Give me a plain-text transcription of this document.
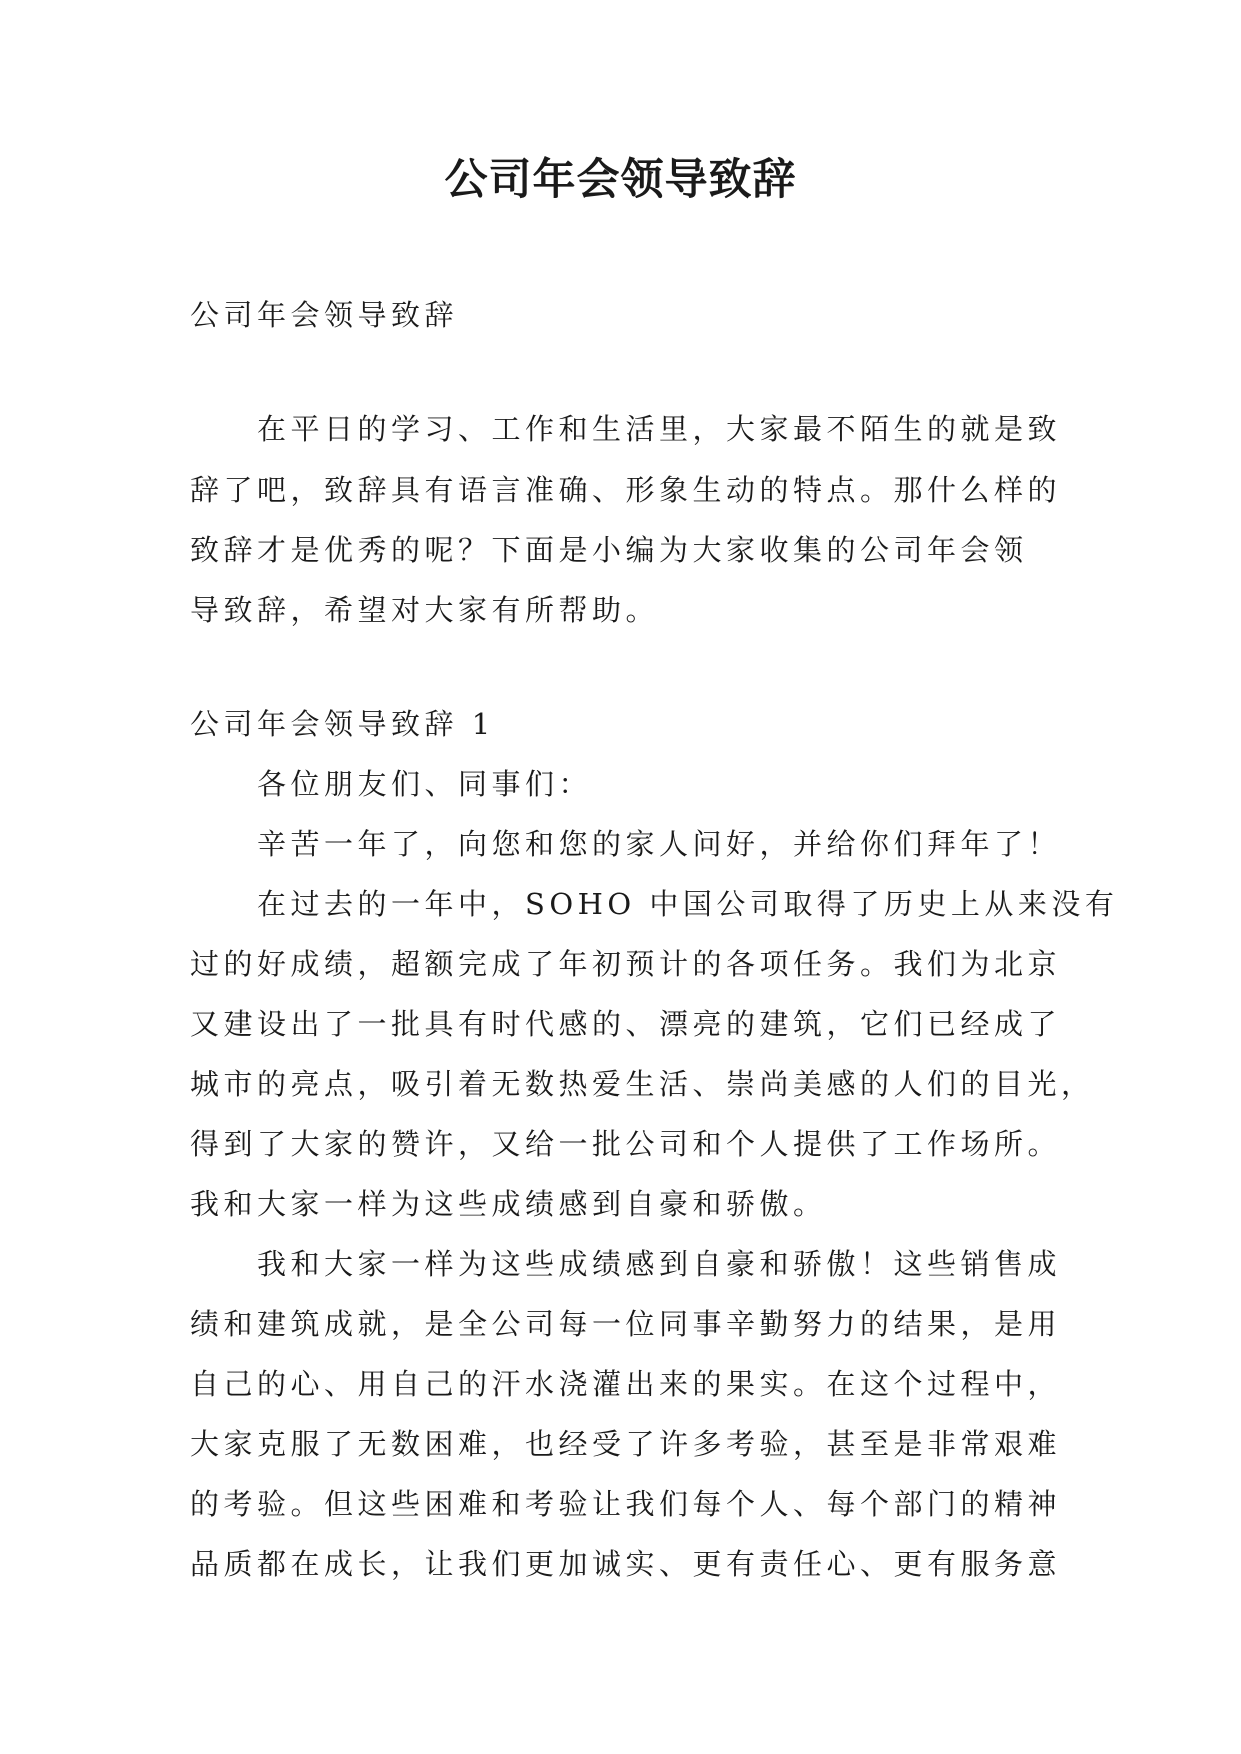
公司年会领导致辞
公司年会领导致辞
在平日的学习、工作和生活里，大家最不陌生的就是致
辞了吧，致辞具有语言准确、形象生动的特点。那什么样的
致辞才是优秀的呢？下面是小编为大家收集的公司年会领
导致辞，希望对大家有所帮助。
公司年会领导致辞 1
各位朋友们、同事们：
辛苦一年了，向您和您的家人问好，并给你们拜年了！
在过去的一年中，SOHO 中国公司取得了历史上从来没有
过的好成绩，超额完成了年初预计的各项任务。我们为北京
又建设出了一批具有时代感的、漂亮的建筑，它们已经成了
城市的亮点，吸引着无数热爱生活、崇尚美感的人们的目光，
得到了大家的赞许，又给一批公司和个人提供了工作场所。
我和大家一样为这些成绩感到自豪和骄傲。
我和大家一样为这些成绩感到自豪和骄傲！这些销售成
绩和建筑成就，是全公司每一位同事辛勤努力的结果，是用
自己的心、用自己的汗水浇灌出来的果实。在这个过程中，
大家克服了无数困难，也经受了许多考验，甚至是非常艰难
的考验。但这些困难和考验让我们每个人、每个部门的精神
品质都在成长，让我们更加诚实、更有责任心、更有服务意
